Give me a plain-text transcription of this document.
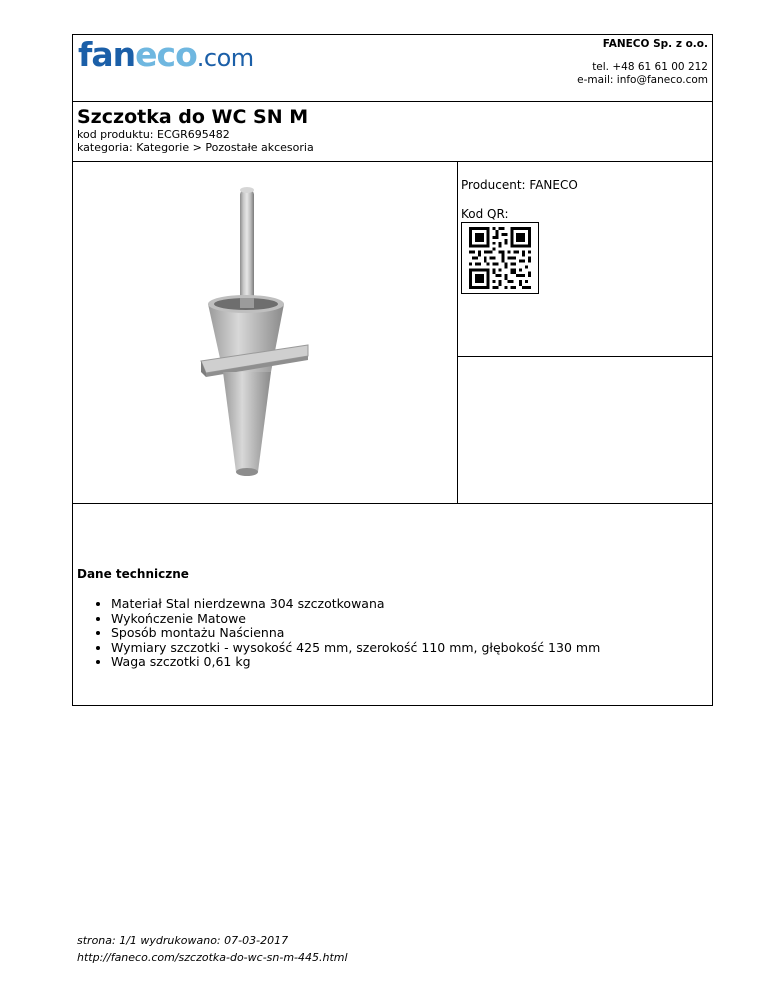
faneco.com	FANECO Sp. z o.o.
tel. +48 61 61 00 212
e-mail: info@faneco.com
Szczotka do WC SN M
kod produktu: ECGR695482
kategoria: Kategorie > Pozostałe akcesoria
Producent: FANECO
Kod QR:
Dane techniczne
• Materiał Stal nierdzewna 304 szczotkowana
• Wykończenie Matowe
• Sposób montażu Naścienna
• Wymiary szczotki - wysokość 425 mm, szerokość 110 mm, głębokość 130 mm
• Waga szczotki 0,61 kg
strona: 1/1 wydrukowano: 07-03-2017
http://faneco.com/szczotka-do-wc-sn-m-445.html
